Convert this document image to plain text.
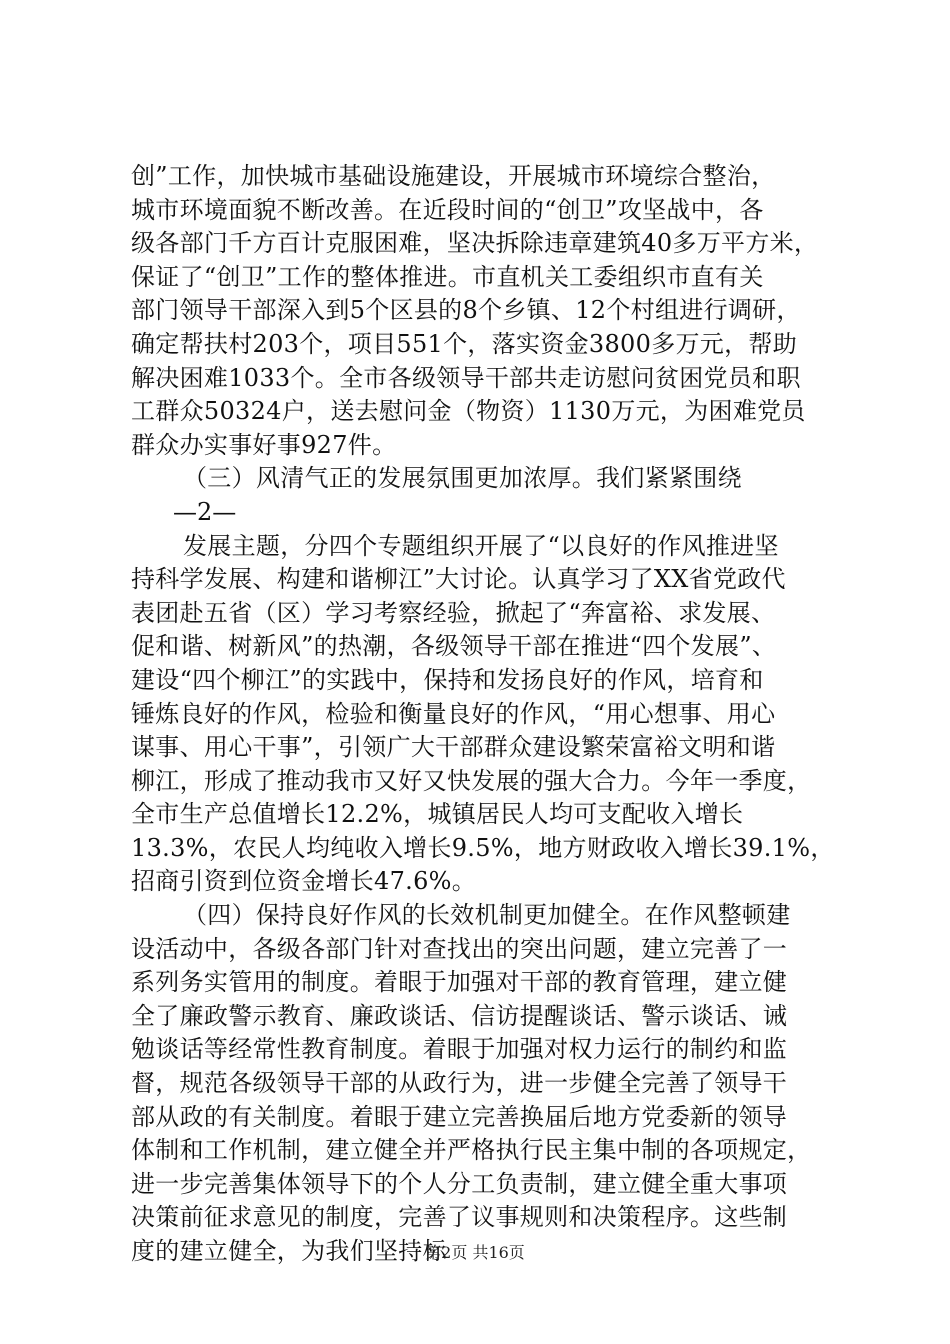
创”工作，加快城市基础设施建设，开展城市环境综合整治，
城市环境面貌不断改善。在近段时间的“创卫”攻坚战中，各
级各部门千方百计克服困难，坚决拆除违章建筑40多万平方米，
保证了“创卫”工作的整体推进。市直机关工委组织市直有关
部门领导干部深入到5个区县的8个乡镇、12个村组进行调研，
确定帮扶村203个，项目551个，落实资金3800多万元，帮助
解决困难1033个。全市各级领导干部共走访慰问贫困党员和职
工群众50324户，送去慰问金（物资）1130万元，为困难党员
群众办实事好事927件。
（三）风清气正的发展氛围更加浓厚。我们紧紧围绕
—2—
发展主题，分四个专题组织开展了“以良好的作风推进坚
持科学发展、构建和谐柳江”大讨论。认真学习了XX省党政代
表团赴五省（区）学习考察经验，掀起了“奔富裕、求发展、
促和谐、树新风”的热潮，各级领导干部在推进“四个发展”、
建设“四个柳江”的实践中，保持和发扬良好的作风，培育和
锤炼良好的作风，检验和衡量良好的作风，“用心想事、用心
谋事、用心干事”，引领广大干部群众建设繁荣富裕文明和谐
柳江，形成了推动我市又好又快发展的强大合力。今年一季度，
全市生产总值增长12.2%，城镇居民人均可支配收入增长
13.3%，农民人均纯收入增长9.5%，地方财政收入增长39.1%，
招商引资到位资金增长47.6%。
（四）保持良好作风的长效机制更加健全。在作风整顿建
设活动中，各级各部门针对查找出的突出问题，建立完善了一
系列务实管用的制度。着眼于加强对干部的教育管理，建立健
全了廉政警示教育、廉政谈话、信访提醒谈话、警示谈话、诫
勉谈话等经常性教育制度。着眼于加强对权力运行的制约和监
督，规范各级领导干部的从政行为，进一步健全完善了领导干
部从政的有关制度。着眼于建立完善换届后地方党委新的领导
体制和工作机制，建立健全并严格执行民主集中制的各项规定，
进一步完善集体领导下的个人分工负责制，建立健全重大事项
决策前征求意见的制度，完善了议事规则和决策程序。这些制
度的建立健全，为我们坚持标
第2页 共16页
